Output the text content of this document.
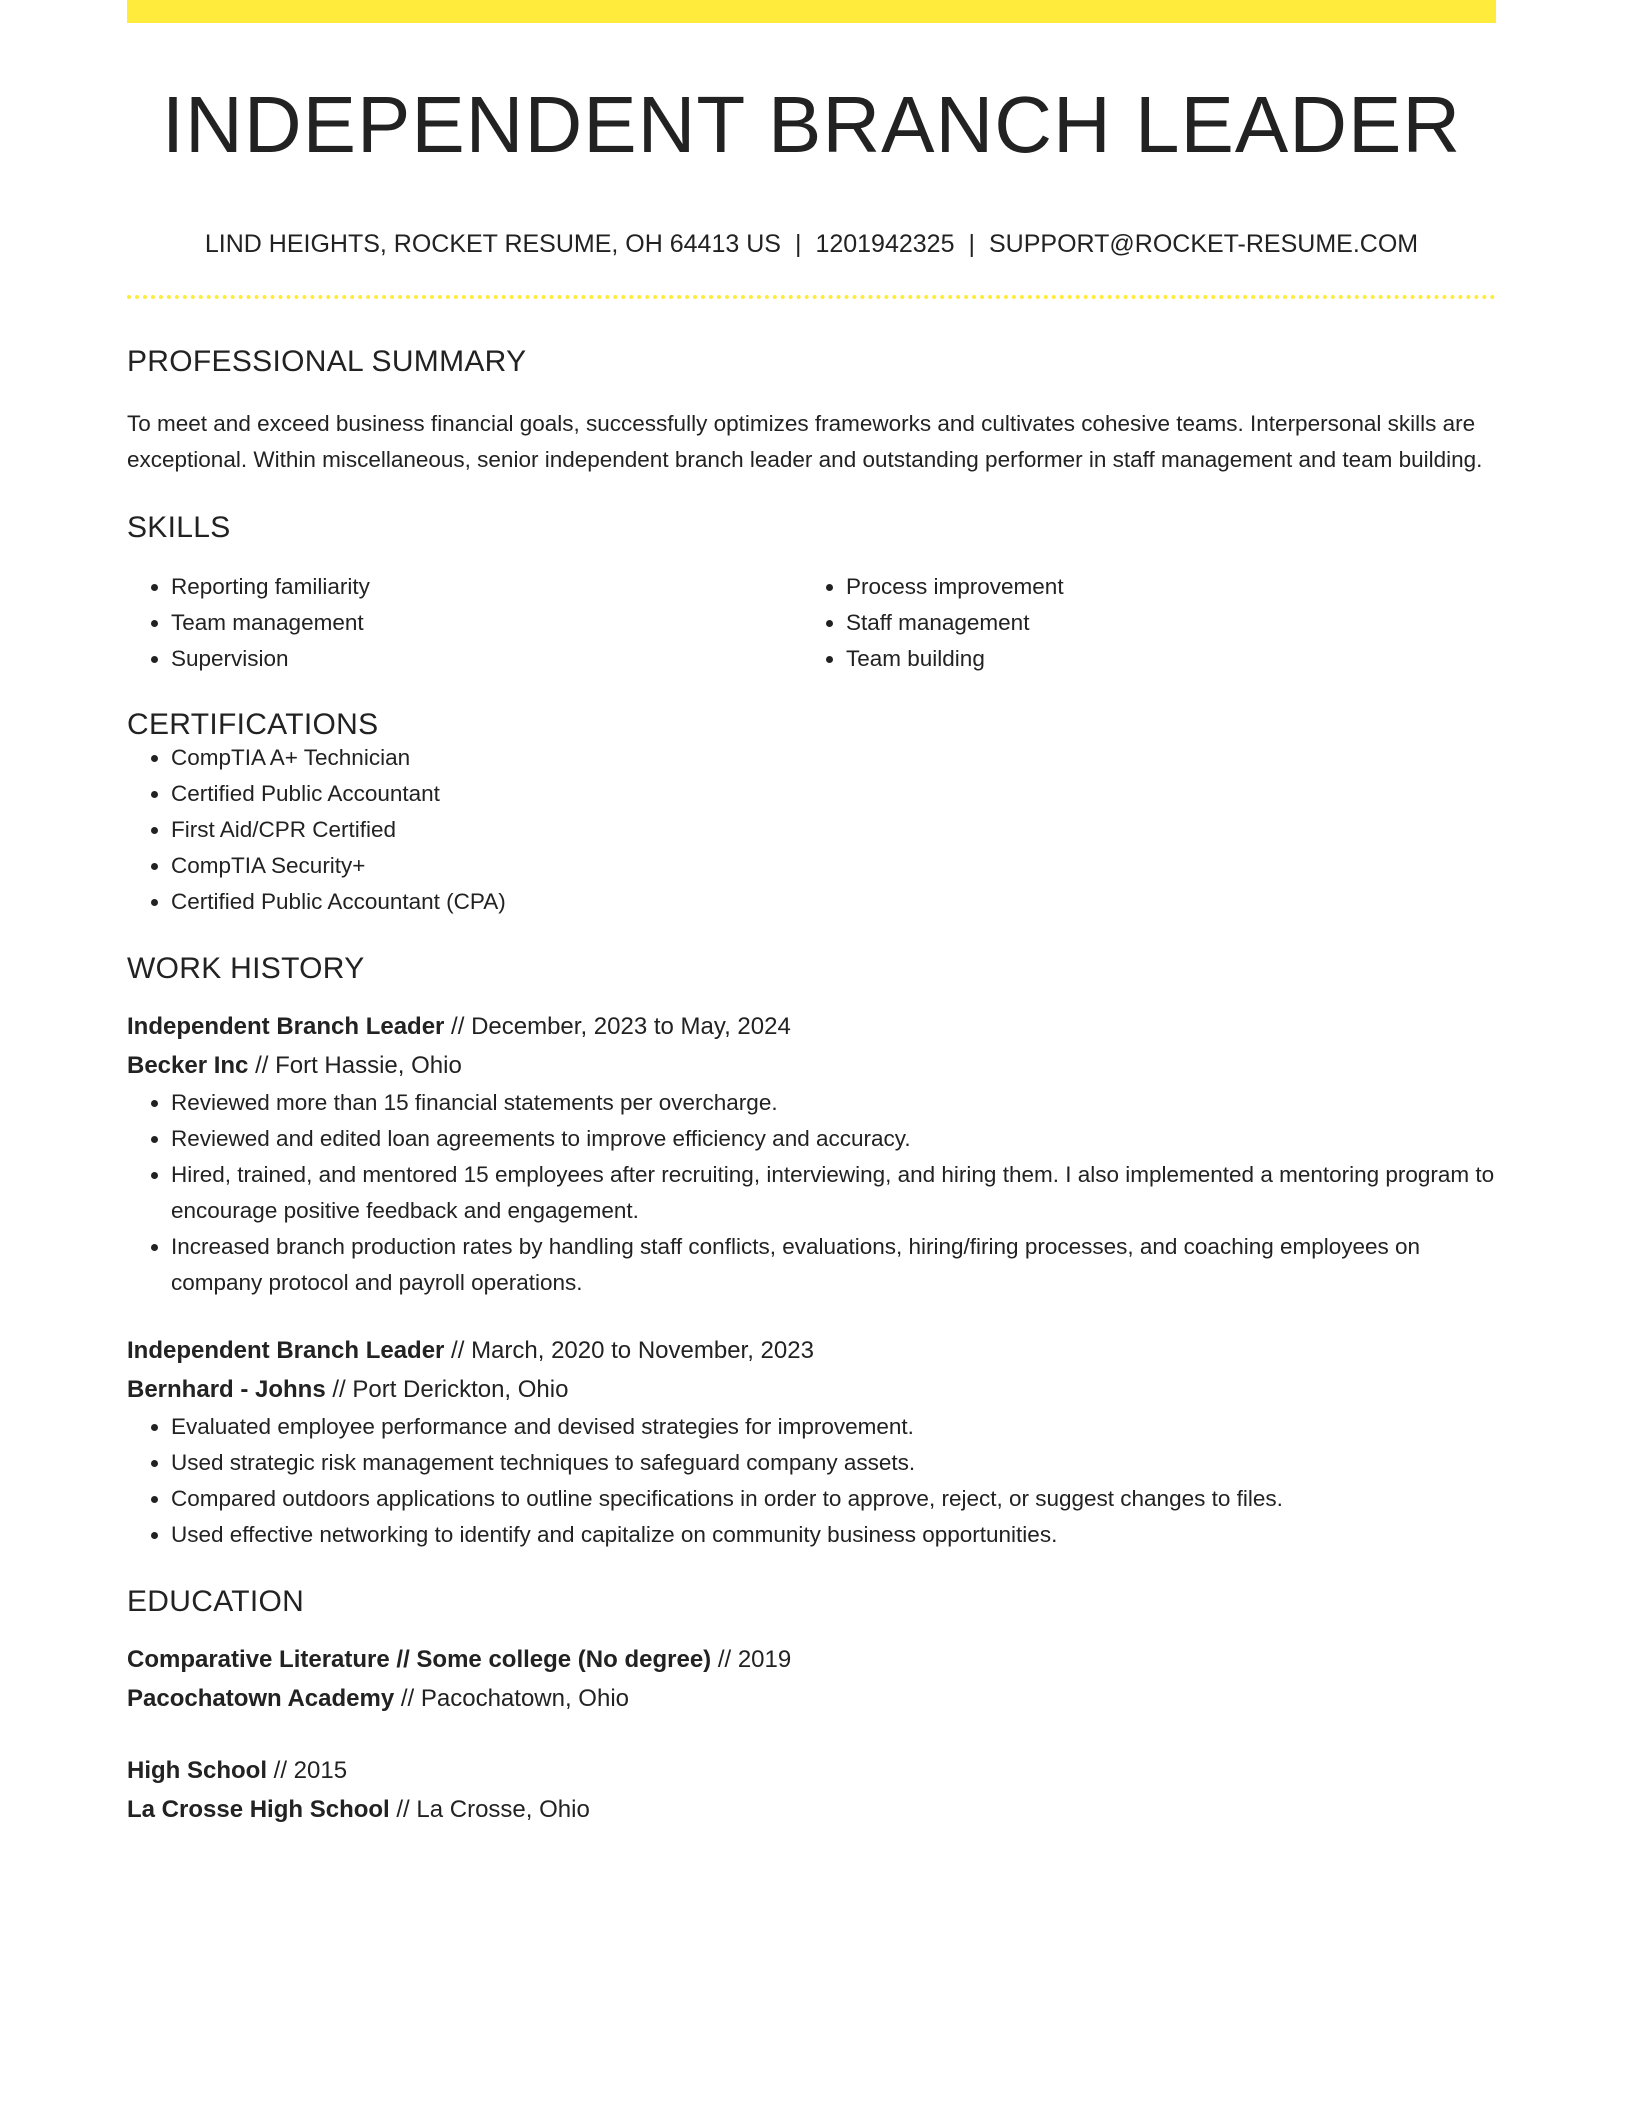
INDEPENDENT BRANCH LEADER
LIND HEIGHTS, ROCKET RESUME, OH 64413 US | 1201942325 | SUPPORT@ROCKET-RESUME.COM
PROFESSIONAL SUMMARY

To meet and exceed business financial goals, successfully optimizes frameworks and cultivates cohesive teams. Interpersonal skills are exceptional. Within miscellaneous, senior independent branch leader and outstanding performer in staff management and team building.

SKILLS
• Reporting familiarity
• Team management
• Supervision
• Process improvement
• Staff management
• Team building
CERTIFICATIONS
• CompTIA A+ Technician
• Certified Public Accountant
• First Aid/CPR Certified
• CompTIA Security+
• Certified Public Accountant (CPA)
WORK HISTORY
Independent Branch Leader // December, 2023 to May, 2024
Becker Inc // Fort Hassie, Ohio
• Reviewed more than 15 financial statements per overcharge.
• Reviewed and edited loan agreements to improve efficiency and accuracy.
• Hired, trained, and mentored 15 employees after recruiting, interviewing, and hiring them. I also implemented a mentoring program to encourage positive feedback and engagement.
• Increased branch production rates by handling staff conflicts, evaluations, hiring/firing processes, and coaching employees on company protocol and payroll operations.
Independent Branch Leader // March, 2020 to November, 2023
Bernhard - Johns // Port Derickton, Ohio
• Evaluated employee performance and devised strategies for improvement.
• Used strategic risk management techniques to safeguard company assets.
• Compared outdoors applications to outline specifications in order to approve, reject, or suggest changes to files.
• Used effective networking to identify and capitalize on community business opportunities.
EDUCATION
Comparative Literature // Some college (No degree) // 2019
Pacochatown Academy // Pacochatown, Ohio
High School // 2015
La Crosse High School // La Crosse, Ohio
